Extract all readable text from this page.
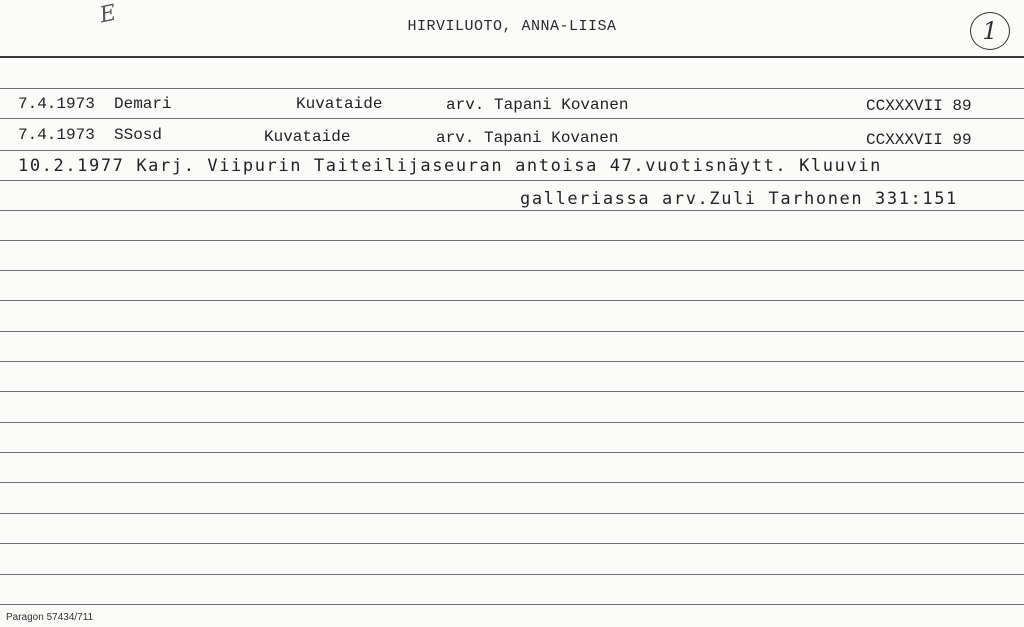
E	HIRVILUOTO, ANNA-LIISA	1
7.4.1973 Demari	Kuvataide	arv. Tapani Kovanen	CCXXXVII 89
7.4.1973 SSosd	Kuvataide	arv. Tapani Kovanen	CCXXXVII 99
10.2.1977 Karj. Viipurin Taiteilijaseuran antoisa 47.vuotisnäytt. Kluuvin
galleriassa arv.Zuli Tarhonen 331:151
Paragon 57434/711
